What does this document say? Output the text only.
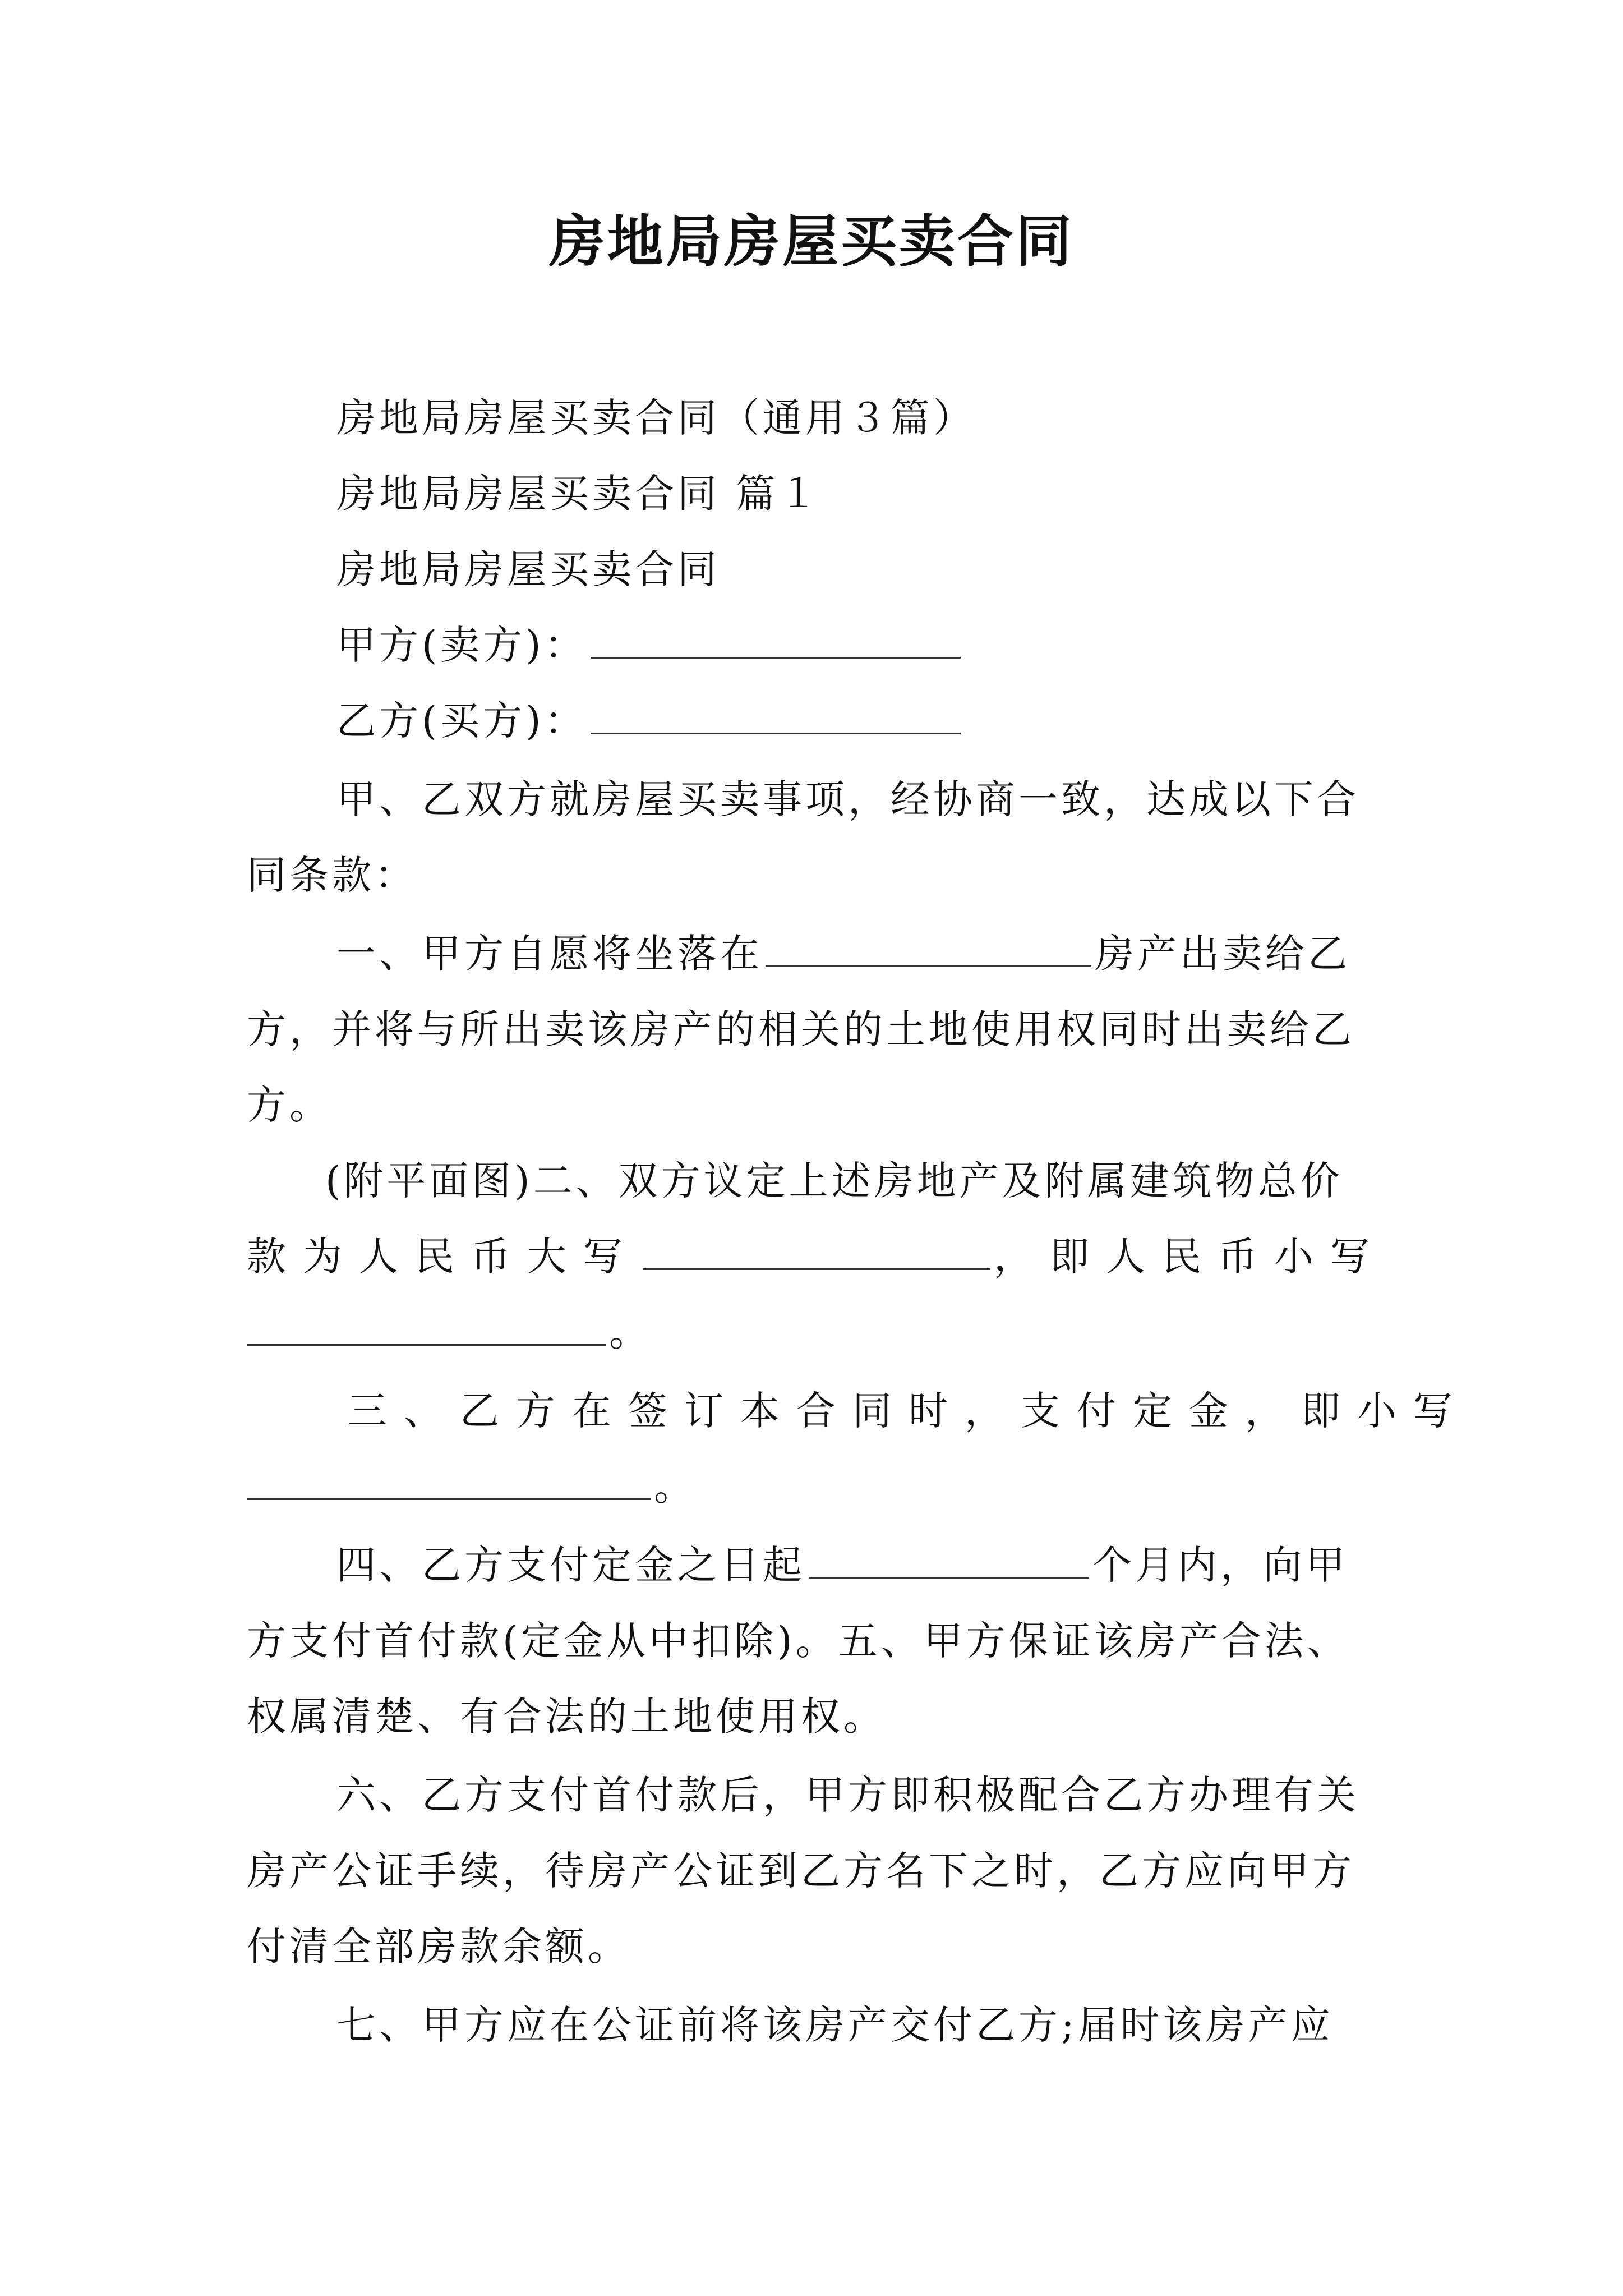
房地局房屋买卖合同
房地局房屋买卖合同（通用３篇）
房地局房屋买卖合同 篇１
房地局房屋买卖合同
甲方(卖方)：
乙方(买方)：
甲、乙双方就房屋买卖事项，经协商一致，达成以下合
同条款：
一、甲方自愿将坐落在	房产出卖给乙
方，并将与所出卖该房产的相关的土地使用权同时出卖给乙
方。
(附平面图)二、双方议定上述房地产及附属建筑物总价
款为人民币大写	，即人民币小写
。
三、乙方在签订本合同时，支付定金，即小写
。
四、乙方支付定金之日起	个月内，向甲
方支付首付款(定金从中扣除)。五、甲方保证该房产合法、
权属清楚、有合法的土地使用权。
六、乙方支付首付款后，甲方即积极配合乙方办理有关
房产公证手续，待房产公证到乙方名下之时，乙方应向甲方
付清全部房款余额。
七、甲方应在公证前将该房产交付乙方;届时该房产应
